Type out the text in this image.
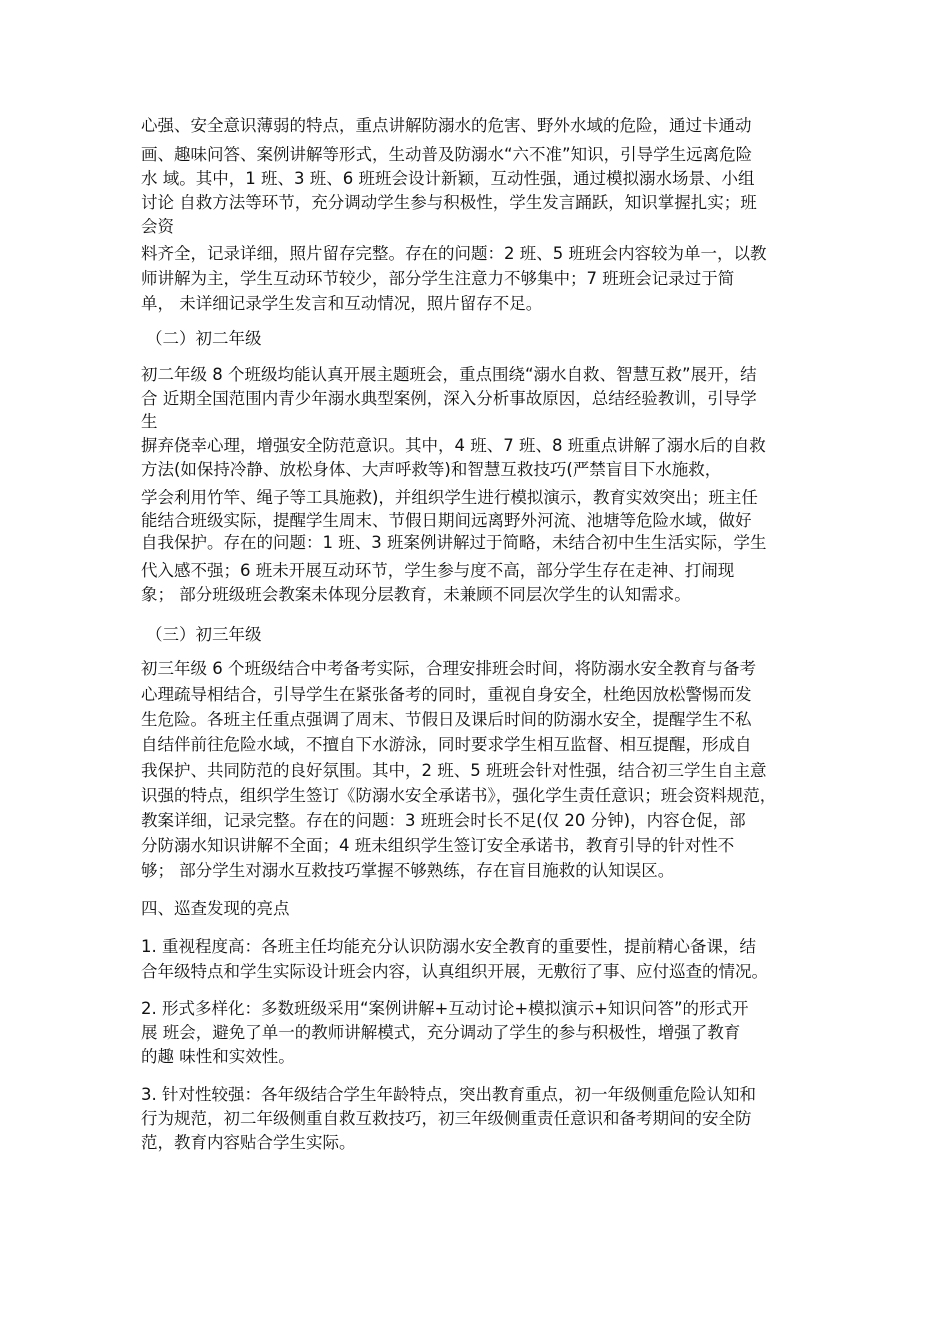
心强、安全意识薄弱的特点，重点讲解防溺水的危害、野外水域的危险，通过卡通动
画、趣味问答、案例讲解等形式，生动普及防溺水“六不准”知识，引导学生远离危险
水 域。其中，1 班、3 班、6 班班会设计新颖，互动性强，通过模拟溺水场景、小组
讨论 自救方法等环节，充分调动学生参与积极性，学生发言踊跃，知识掌握扎实；班
会资
料齐全，记录详细，照片留存完整。存在的问题：2 班、5 班班会内容较为单一，以教
师讲解为主，学生互动环节较少，部分学生注意力不够集中；7 班班会记录过于简
单， 未详细记录学生发言和互动情况，照片留存不足。
（二）初二年级
初二年级 8 个班级均能认真开展主题班会，重点围绕“溺水自救、智慧互救”展开，结
合 近期全国范围内青少年溺水典型案例，深入分析事故原因，总结经验教训，引导学
生
摒弃侥幸心理，增强安全防范意识。其中，4 班、7 班、8 班重点讲解了溺水后的自救
方法(如保持冷静、放松身体、大声呼救等)和智慧互救技巧(严禁盲目下水施救，
学会利用竹竿、绳子等工具施救)，并组织学生进行模拟演示，教育实效突出；班主任
能结合班级实际，提醒学生周末、节假日期间远离野外河流、池塘等危险水域，做好
自我保护。存在的问题：1 班、3 班案例讲解过于简略，未结合初中生生活实际，学生
代入感不强；6 班未开展互动环节，学生参与度不高，部分学生存在走神、打闹现
象； 部分班级班会教案未体现分层教育，未兼顾不同层次学生的认知需求。
（三）初三年级
初三年级 6 个班级结合中考备考实际，合理安排班会时间，将防溺水安全教育与备考
心理疏导相结合，引导学生在紧张备考的同时，重视自身安全，杜绝因放松警惕而发
生危险。各班主任重点强调了周末、节假日及课后时间的防溺水安全，提醒学生不私
自结伴前往危险水域，不擅自下水游泳，同时要求学生相互监督、相互提醒，形成自
我保护、共同防范的良好氛围。其中，2 班、5 班班会针对性强，结合初三学生自主意
识强的特点，组织学生签订《防溺水安全承诺书》，强化学生责任意识；班会资料规范，
教案详细，记录完整。存在的问题：3 班班会时长不足(仅 20 分钟)，内容仓促，部
分防溺水知识讲解不全面；4 班未组织学生签订安全承诺书，教育引导的针对性不
够； 部分学生对溺水互救技巧掌握不够熟练，存在盲目施救的认知误区。
四、巡查发现的亮点
1. 重视程度高：各班主任均能充分认识防溺水安全教育的重要性，提前精心备课，结
合年级特点和学生实际设计班会内容，认真组织开展，无敷衍了事、应付巡查的情况。
2. 形式多样化：多数班级采用“案例讲解+互动讨论+模拟演示+知识问答”的形式开
展 班会，避免了单一的教师讲解模式，充分调动了学生的参与积极性，增强了教育
的趣 味性和实效性。
3. 针对性较强：各年级结合学生年龄特点，突出教育重点，初一年级侧重危险认知和
行为规范，初二年级侧重自救互救技巧，初三年级侧重责任意识和备考期间的安全防
范，教育内容贴合学生实际。
